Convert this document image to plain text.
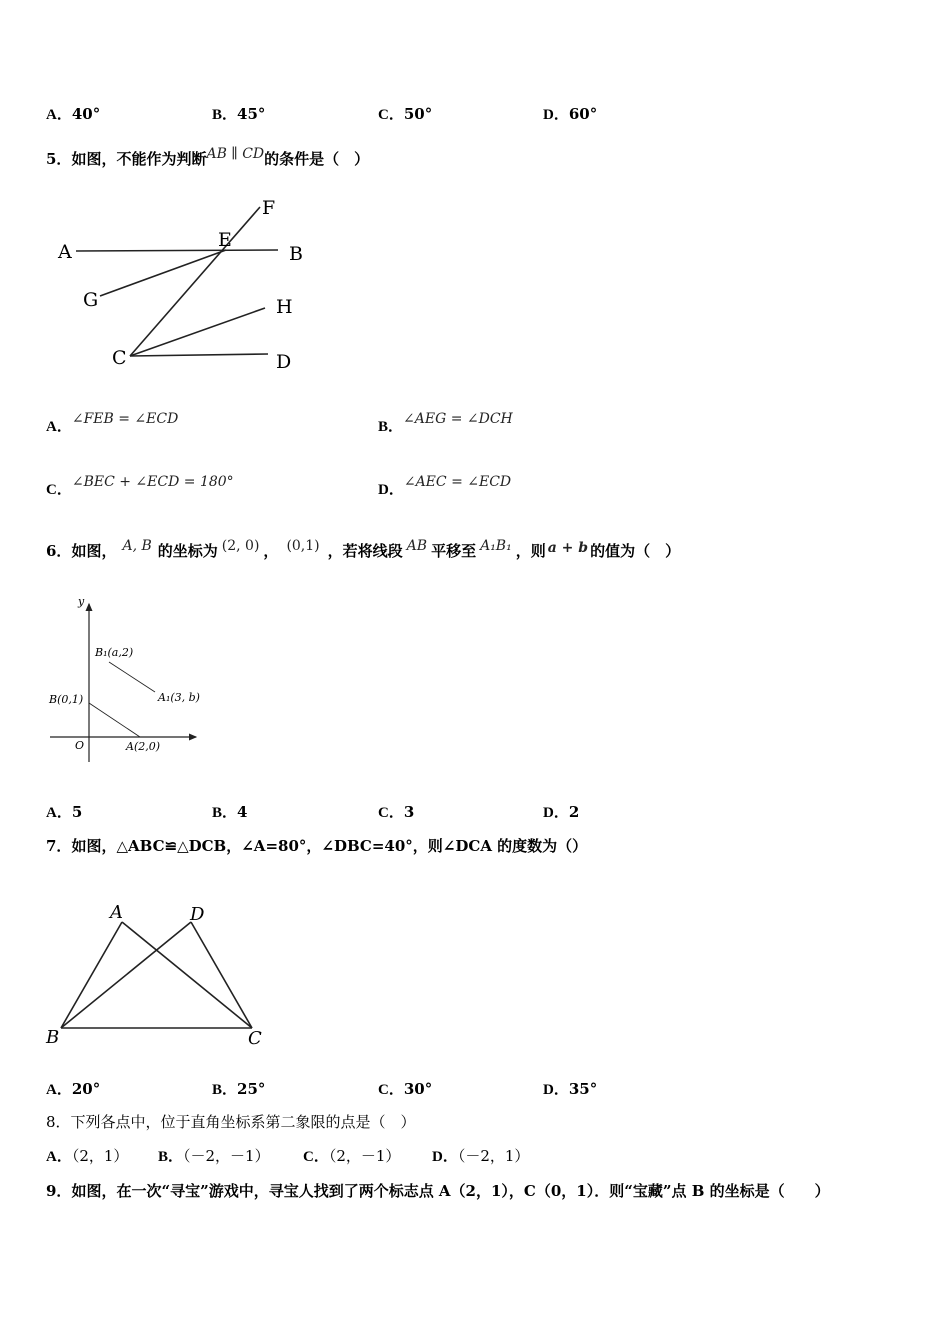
A．40°	B．45°	C．50°	D．60°
5．如图，不能作为判断AB ∥ CD的条件是（　）
A	B
E
F
G	H
C	D
A．∠FEB = ∠ECD	B．∠AEG = ∠DCH
C．∠BEC + ∠ECD = 180°	D．∠AEC = ∠ECD
6．如图， A, B 的坐标为 (2, 0) ， (0,1) ，若将线段 AB 平移至 A₁B₁ ，则 a + b 的值为（　）
y
O
B(0,1)
A(2,0)
B₁(a,2)
A₁(3, b)
A．5	B．4	C．3	D．2
7．如图，△ABC≌△DCB，∠A=80°，∠DBC=40°，则∠DCA 的度数为（）
A	D
B	C
A．20°	B．25°	C．30°	D．35°
8．下列各点中，位于直角坐标系第二象限的点是（　）
A．（2，1） B．（－2，－1） C．（2，－1） D．（－2，1）
9．如图，在一次“寻宝”游戏中，寻宝人找到了两个标志点 A（2，1），C（0，1）．则“宝藏”点 B 的坐标是（　　）
